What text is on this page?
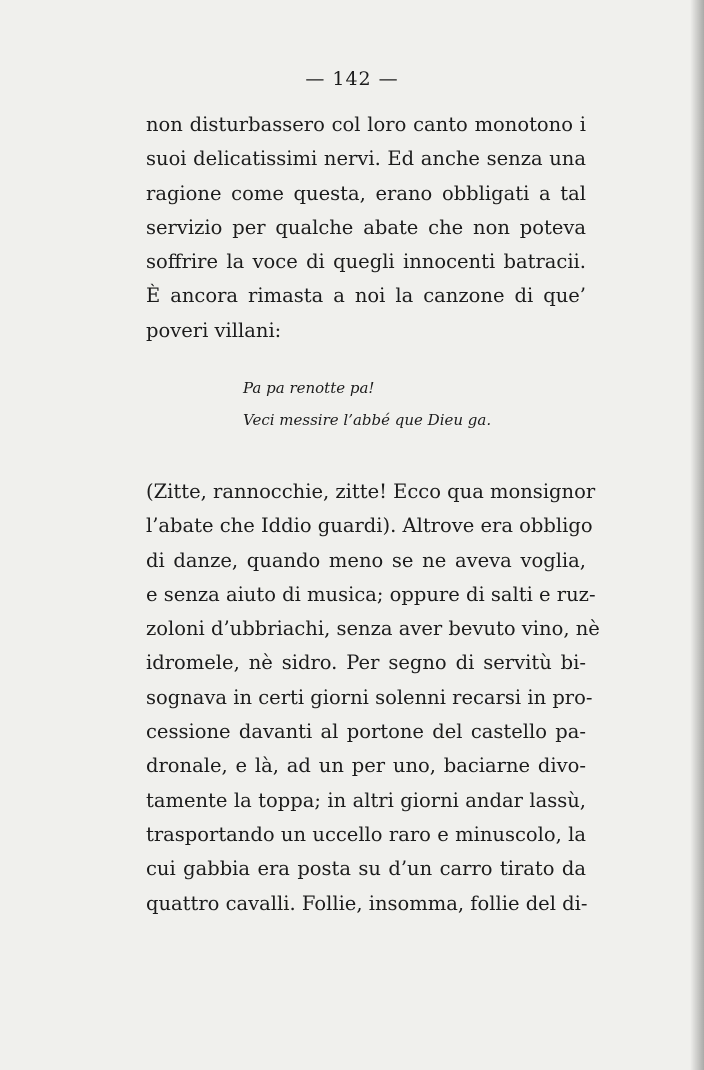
— 142 —
non disturbassero col loro canto monotono i
suoi delicatissimi nervi. Ed anche senza una
ragione come questa, erano obbligati a tal
servizio per qualche abate che non poteva
soffrire la voce di quegli innocenti batracii.
È ancora rimasta a noi la canzone di que’
poveri villani:
Pa pa renotte pa!
Veci messire l’abbé que Dieu ga.
(Zitte, rannocchie, zitte! Ecco qua monsignor
l’abate che Iddio guardi). Altrove era obbligo
di danze, quando meno se ne aveva voglia,
e senza aiuto di musica; oppure di salti e ruz-
zoloni d’ubbriachi, senza aver bevuto vino, nè
idromele, nè sidro. Per segno di servitù bi-
sognava in certi giorni solenni recarsi in pro-
cessione davanti al portone del castello pa-
dronale, e là, ad un per uno, baciarne divo-
tamente la toppa; in altri giorni andar lassù,
trasportando un uccello raro e minuscolo, la
cui gabbia era posta su d’un carro tirato da
quattro cavalli. Follie, insomma, follie del di-
